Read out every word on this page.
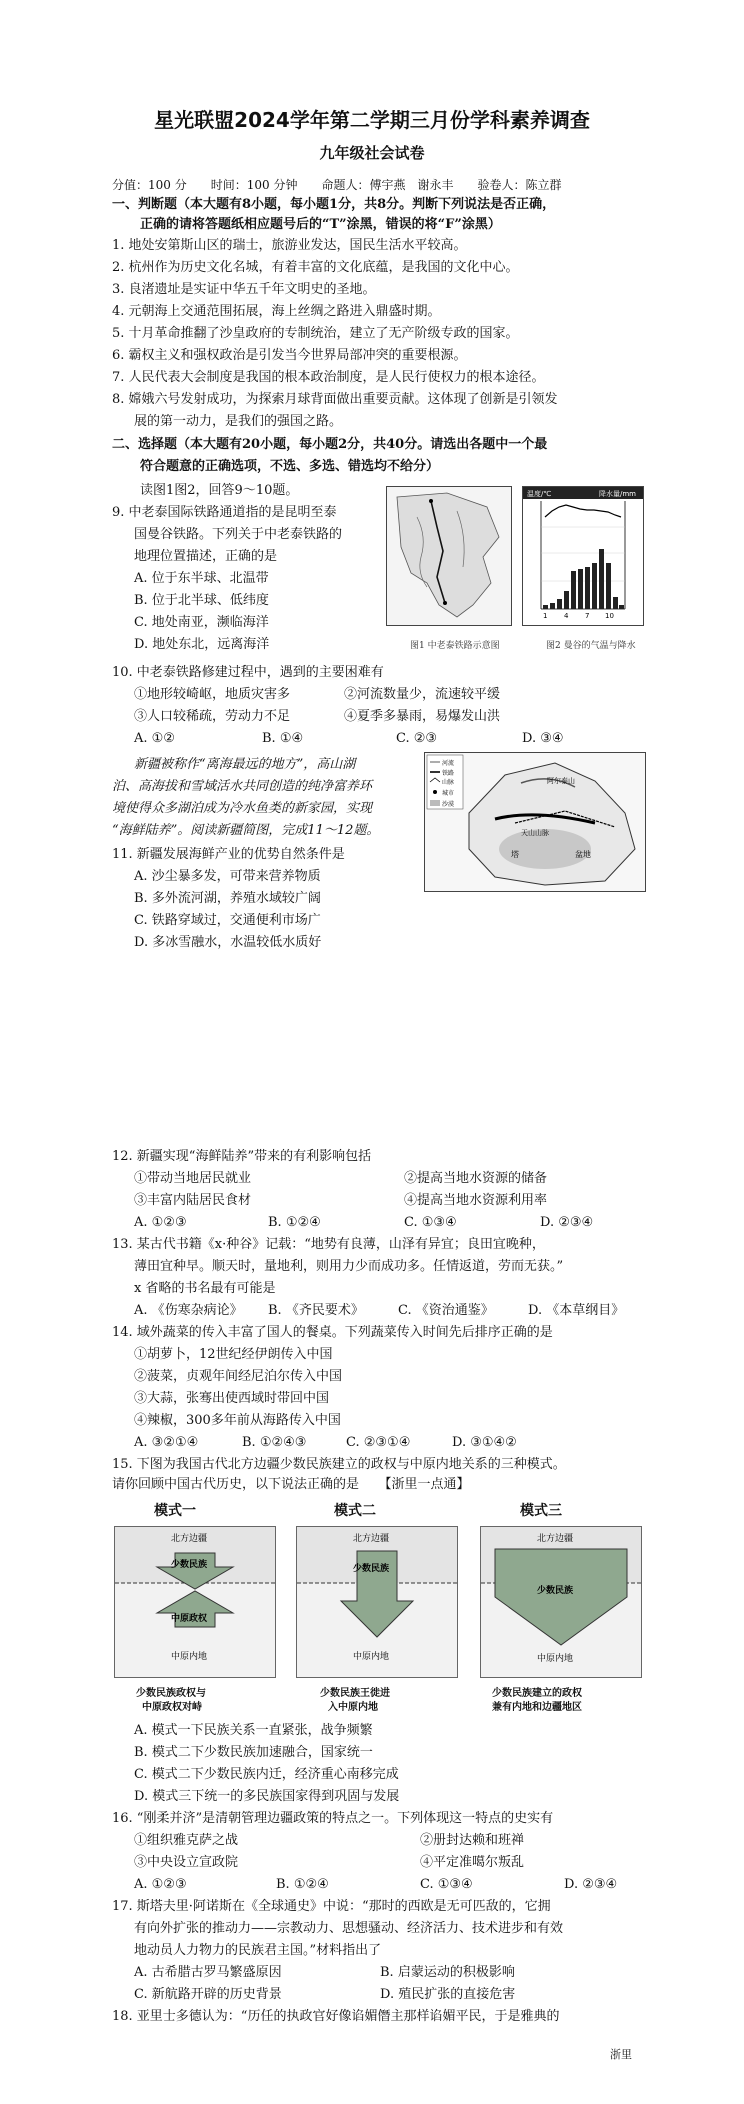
星光联盟2024学年第二学期三月份学科素养调查
九年级社会试卷
分值：100 分　　时间：100 分钟　　命题人：傅宇燕　谢永丰　　验卷人：陈立群
一、判断题（本大题有8小题，每小题1分，共8分。判断下列说法是否正确，
正确的请将答题纸相应题号后的“T”涂黑，错误的将“F”涂黑）
1. 地处安第斯山区的瑞士，旅游业发达，国民生活水平较高。
2. 杭州作为历史文化名城，有着丰富的文化底蕴，是我国的文化中心。
3. 良渚遗址是实证中华五千年文明史的圣地。
4. 元朝海上交通范围拓展，海上丝绸之路进入鼎盛时期。
5. 十月革命推翻了沙皇政府的专制统治，建立了无产阶级专政的国家。
6. 霸权主义和强权政治是引发当今世界局部冲突的重要根源。
7. 人民代表大会制度是我国的根本政治制度，是人民行使权力的根本途径。
8. 嫦娥六号发射成功，为探索月球背面做出重要贡献。这体现了创新是引领发
展的第一动力，是我们的强国之路。
二、选择题（本大题有20小题，每小题2分，共40分。请选出各题中一个最
符合题意的正确选项，不选、多选、错选均不给分）
读图1图2，回答9～10题。
9. 中老泰国际铁路通道指的是昆明至泰
国曼谷铁路。下列关于中老泰铁路的
地理位置描述，正确的是
A. 位于东半球、北温带
B. 位于北半球、低纬度
C. 地处南亚，濒临海洋
D. 地处东北，远离海洋	图1 中老泰铁路示意图
温度/℃	降水量/mm
1 4 7 10
图2 曼谷的气温与降水
10. 中老泰铁路修建过程中，遇到的主要困难有
①地形较崎岖，地质灾害多	②河流数量少，流速较平缓
③人口较稀疏，劳动力不足	④夏季多暴雨，易爆发山洪
A. ①②	B. ①④	C. ②③	D. ③④
新疆被称作“离海最远的地方”，高山湖
泊、高海拔和雪域活水共同创造的纯净富养环
境使得众多湖泊成为冷水鱼类的新家园，实现
“海鲜陆养”。阅读新疆简图，完成11～12题。
河流
铁路
山脉
城市
沙漠
阿尔泰山
天山山脉
塔	盆地
11. 新疆发展海鲜产业的优势自然条件是
A. 沙尘暴多发，可带来营养物质
B. 多外流河湖，养殖水域较广阔
C. 铁路穿域过，交通便利市场广
D. 多冰雪融水，水温较低水质好
12. 新疆实现“海鲜陆养”带来的有利影响包括
①带动当地居民就业	②提高当地水资源的储备
③丰富内陆居民食材	④提高当地水资源利用率
A. ①②③	B. ①②④	C. ①③④	D. ②③④
13. 某古代书籍《x·种谷》记载：“地势有良薄，山泽有异宜；良田宜晚种，
薄田宜种早。顺天时，量地利，则用力少而成功多。任情返道，劳而无获。”
x 省略的书名最有可能是
A. 《伤寒杂病论》 B. 《齐民要术》	C. 《资治通鉴》	D. 《本草纲目》
14. 域外蔬菜的传入丰富了国人的餐桌。下列蔬菜传入时间先后排序正确的是
①胡萝卜，12世纪经伊朗传入中国
②菠菜，贞观年间经尼泊尔传入中国
③大蒜，张骞出使西域时带回中国
④辣椒，300多年前从海路传入中国
A. ③②①④	B. ①②④③	C. ②③①④	D. ③①④②
15. 下图为我国古代北方边疆少数民族建立的政权与中原内地关系的三种模式。
请你回顾中国古代历史，以下说法正确的是　　【浙里一点通】
模式一
北方边疆
少数民族
中原政权
中原内地
少数民族政权与
中原政权对峙
模式二
北方边疆
少数民族
中原内地
少数民族王徙进
入中原内地
模式三
北方边疆
少数民族
中原内地
少数民族建立的政权
兼有内地和边疆地区
A. 模式一下民族关系一直紧张，战争频繁
B. 模式二下少数民族加速融合，国家统一
C. 模式二下少数民族内迁，经济重心南移完成
D. 模式三下统一的多民族国家得到巩固与发展
16. “刚柔并济”是清朝管理边疆政策的特点之一。下列体现这一特点的史实有
①组织雅克萨之战	②册封达赖和班禅
③中央设立宣政院	④平定准噶尔叛乱
A. ①②③	B. ①②④	C. ①③④	D. ②③④
17. 斯塔夫里·阿诺斯在《全球通史》中说：“那时的西欧是无可匹敌的，它拥
有向外扩张的推动力——宗教动力、思想骚动、经济活力、技术进步和有效
地动员人力物力的民族君主国。”材料指出了
A. 古希腊古罗马繁盛原因	B. 启蒙运动的积极影响
C. 新航路开辟的历史背景	D. 殖民扩张的直接危害
18. 亚里士多德认为：“历任的执政官好像谄媚僭主那样谄媚平民，于是雅典的
浙里
